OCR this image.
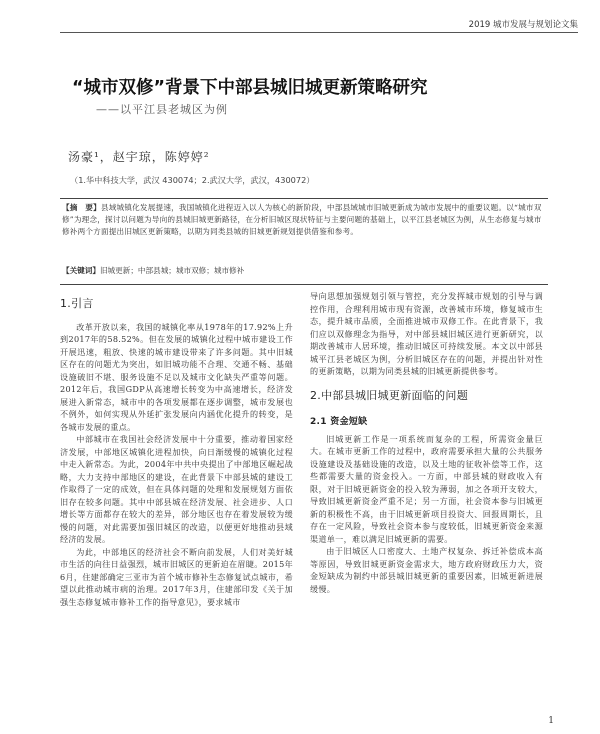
2019 城市发展与规划论文集
“城市双修”背景下中部县城旧城更新策略研究
——以平江县老城区为例
汤豪¹，赵宇琼，陈婷婷²
（1.华中科技大学，武汉 430074；2.武汉大学，武汉，430072）
【摘　要】县域城镇化发展提速，我国城镇化进程迈入以人为核心的新阶段，中部县域城市旧城更新成为城市发展中的重要议题。以“城市双修”为理念，探讨以问题为导向的县城旧城更新路径，在分析旧城区现状特征与主要问题的基础上，以平江县老城区为例，从生态修复与城市修补两个方面提出旧城区更新策略，以期为同类县城的旧城更新规划提供借鉴和参考。
【关键词】旧城更新；中部县城；城市双修；城市修补
1.引言

改革开放以来，我国的城镇化率从1978年的17.92%上升到2017年的58.52%。但在发展的城镇化过程中城市建设工作开展迅速，粗放、快速的城市建设带来了许多问题。其中旧城区存在的问题尤为突出，如旧城功能不合理、交通不畅、基础设施破旧不堪、服务设施不足以及城市文化缺失严重等问题。2012年后，我国GDP从高速增长转变为中高速增长，经济发展进入新常态，城市中的各项发展都在逐步调整，城市发展也不例外，如何实现从外延扩张发展向内涵优化提升的转变，是各城市发展的重点。

中部城市在我国社会经济发展中十分重要，推动着国家经济发展，中部地区城镇化进程加快，向日渐缓慢的城镇化过程中走入新常态。为此，2004年中共中央提出了中部地区崛起战略，大力支持中部地区的建设，在此背景下中部县城的建设工作取得了一定的成效，但在具体问题的处理和发展规划方面依旧存在较多问题。其中中部县城在经济发展、社会进步、人口增长等方面都存在较大的差异，部分地区也存在着发展较为缓慢的问题，对此需要加强旧城区的改造，以便更好地推动县域经济的发展。

为此，中部地区的经济社会不断向前发展，人们对美好城市生活的向往日益强烈，城市旧城区的更新迫在眉睫。2015年6月，住建部确定三亚市为首个城市修补生态修复试点城市，希望以此推动城市病的治理。2017年3月，住建部印发《关于加强生态修复城市修补工作的指导意见》，要求城市

导向思想加强规划引领与管控，充分发挥城市规划的引导与调控作用，合理利用城市现有资源，改善城市环境，修复城市生态，提升城市品质，全面推进城市双修工作。在此背景下，我们应以双修理念为指导，对中部县城旧城区进行更新研究，以期改善城市人居环境，推动旧城区可持续发展。本文以中部县城平江县老城区为例，分析旧城区存在的问题，并提出针对性的更新策略，以期为同类县城的旧城更新提供参考。

2.中部县城旧城更新面临的问题
2.1 资金短缺

旧城更新工作是一项系统而复杂的工程，所需资金量巨大。在城市更新工作的过程中，政府需要承担大量的公共服务设施建设及基础设施的改造，以及土地的征收补偿等工作，这些都需要大量的资金投入。一方面，中部县城的财政收入有限，对于旧城更新资金的投入较为薄弱，加之各项开支较大，导致旧城更新资金严重不足；另一方面，社会资本参与旧城更新的积极性不高，由于旧城更新项目投资大、回报周期长，且存在一定风险，导致社会资本参与度较低，旧城更新资金来源渠道单一，难以满足旧城更新的需要。

由于旧城区人口密度大、土地产权复杂、拆迁补偿成本高等原因，导致旧城更新资金需求大，地方政府财政压力大，资金短缺成为制约中部县城旧城更新的重要因素，旧城更新进展缓慢。

1
